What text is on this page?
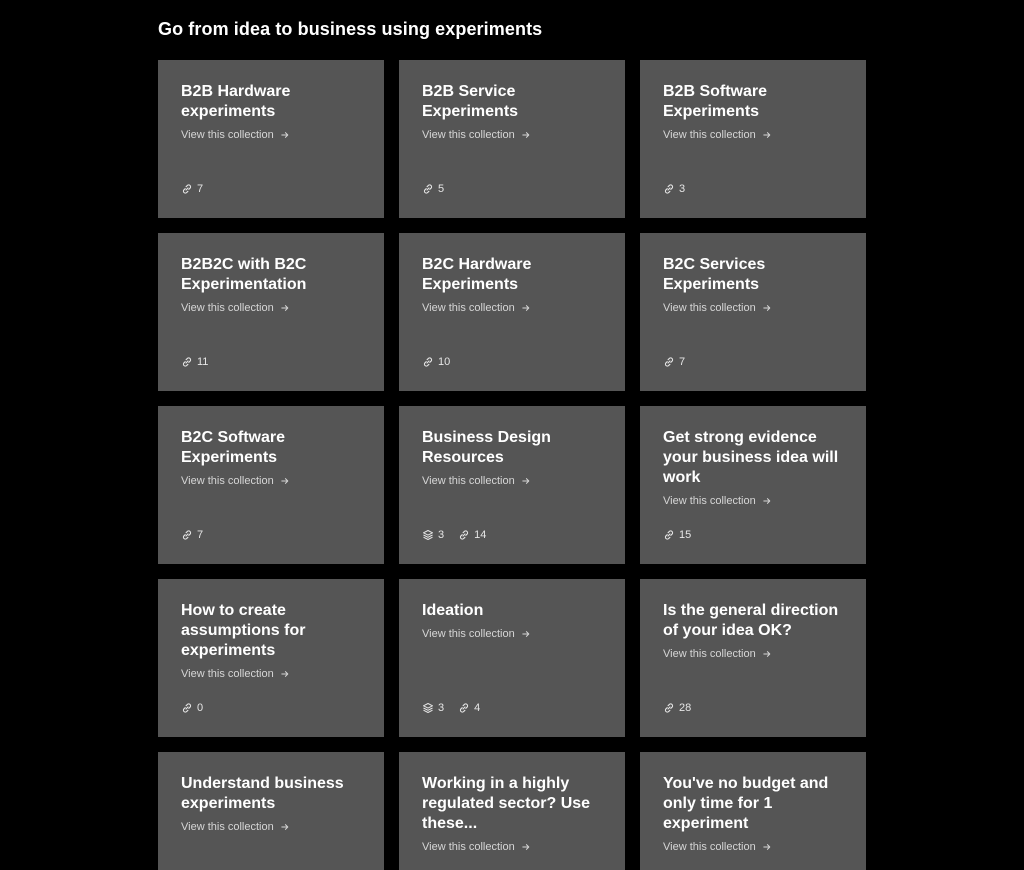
Go from idea to business using experiments
B2B Hardware experiments
View this collection
7
B2B Service Experiments
View this collection
5
B2B Software Experiments
View this collection
3
B2B2C with B2C Experimentation
View this collection
11
B2C Hardware Experiments
View this collection
10
B2C Services Experiments
View this collection
7
B2C Software Experiments
View this collection
7
Business Design Resources
View this collection
3	14
Get strong evidence your business idea will work
View this collection
15
How to create assumptions for experiments
View this collection
0
Ideation
View this collection
3	4
Is the general direction of your idea OK?
View this collection
28
Understand business experiments
View this collection
Working in a highly regulated sector? Use these...
View this collection
You've no budget and only time for 1 experiment
View this collection
